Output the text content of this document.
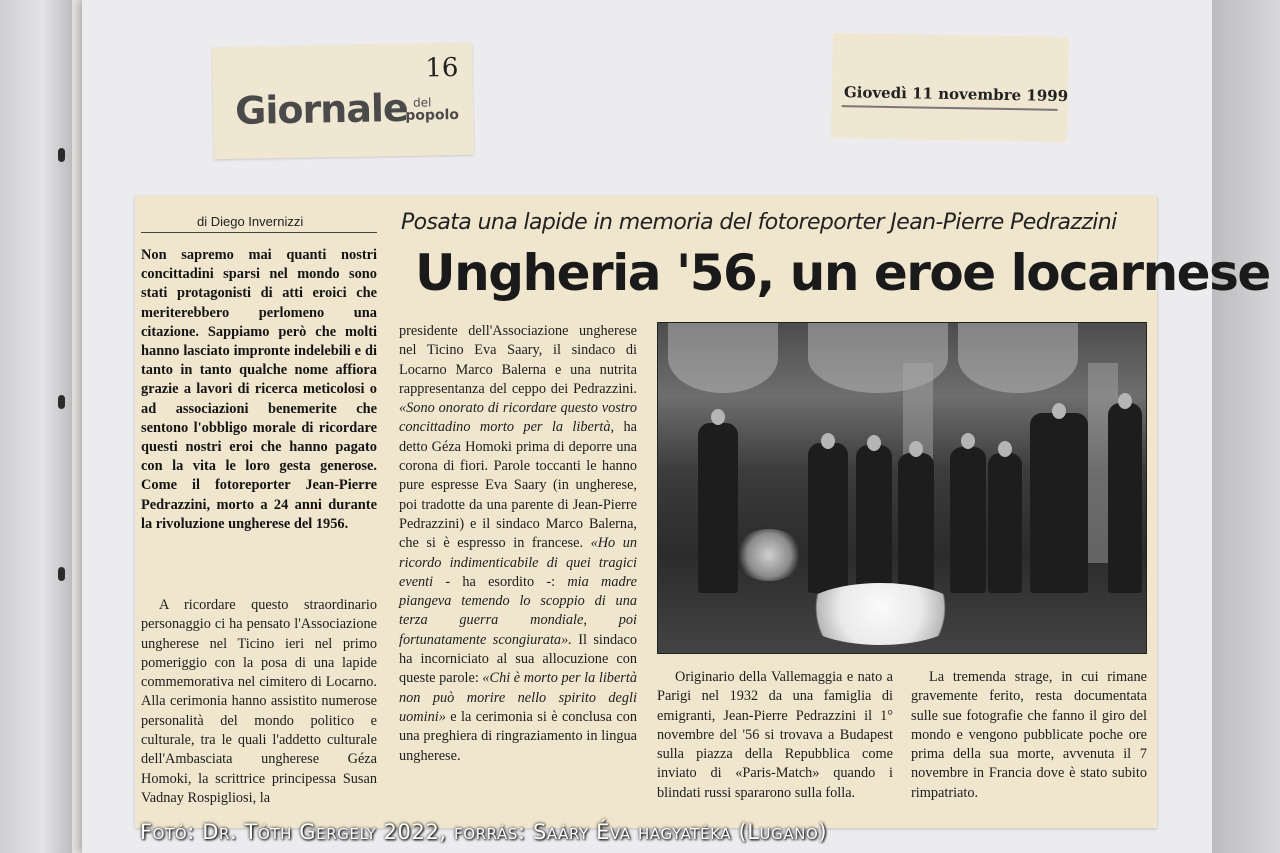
16
Giornale del
popolo
Giovedì 11 novembre 1999
di Diego Invernizzi	Posata una lapide in memoria del fotoreporter Jean-Pierre Pedrazzini
Ungheria '56, un eroe locarnese

Non sapremo mai quanti nostri concittadini sparsi nel mondo sono stati protagonisti di atti eroici che meriterebbero perlomeno una citazione. Sappiamo però che molti hanno lasciato impronte indelebili e di tanto in tanto qualche nome affiora grazie a lavori di ricerca meticolosi o ad associazioni benemerite che sentono l'obbligo morale di ricordare questi nostri eroi che hanno pagato con la vita le loro gesta generose. Come il fotoreporter Jean-Pierre Pedrazzini, morto a 24 anni durante la rivoluzione ungherese del 1956.

A ricordare questo straordinario personaggio ci ha pensato l'Associazione ungherese nel Ticino ieri nel primo pomeriggio con la posa di una lapide commemorativa nel cimitero di Locarno. Alla cerimonia hanno assistito numerose personalità del mondo politico e culturale, tra le quali l'addetto culturale dell'Ambasciata ungherese Géza Homoki, la scrittrice principessa Susan Vadnay Rospigliosi, la

presidente dell'Associazione ungherese nel Ticino Eva Saary, il sindaco di Locarno Marco Balerna e una nutrita rappresentanza del ceppo dei Pedrazzini. «Sono onorato di ricordare questo vostro concittadino morto per la libertà, ha detto Géza Homoki prima di deporre una corona di fiori. Parole toccanti le hanno pure espresse Eva Saary (in ungherese, poi tradotte da una parente di Jean-Pierre Pedrazzini) e il sindaco Marco Balerna, che si è espresso in francese. «Ho un ricordo indimenticabile di quei tragici eventi - ha esordito -: mia madre piangeva temendo lo scoppio di una terza guerra mondiale, poi fortunatamente scongiurata». Il sindaco ha incorniciato al sua allocuzione con queste parole: «Chi è morto per la libertà non può morire nello spirito degli uomini» e la cerimonia si è conclusa con una preghiera di ringraziamento in lingua ungherese.

Originario della Vallemaggia e nato a Parigi nel 1932 da una famiglia di emigranti, Jean-Pierre Pedrazzini il 1° novembre del '56 si trovava a Budapest sulla piazza della Repubblica come inviato di «Paris-Match» quando i blindati russi spararono sulla folla.

La tremenda strage, in cui rimane gravemente ferito, resta documentata sulle sue fotografie che fanno il giro del mondo e vengono pubblicate poche ore prima della sua morte, avvenuta il 7 novembre in Francia dove è stato subito rimpatriato.

Fotó: Dr. Tóth Gergely 2022, forrás: Saáry Éva hagyatéka (Lugano)
